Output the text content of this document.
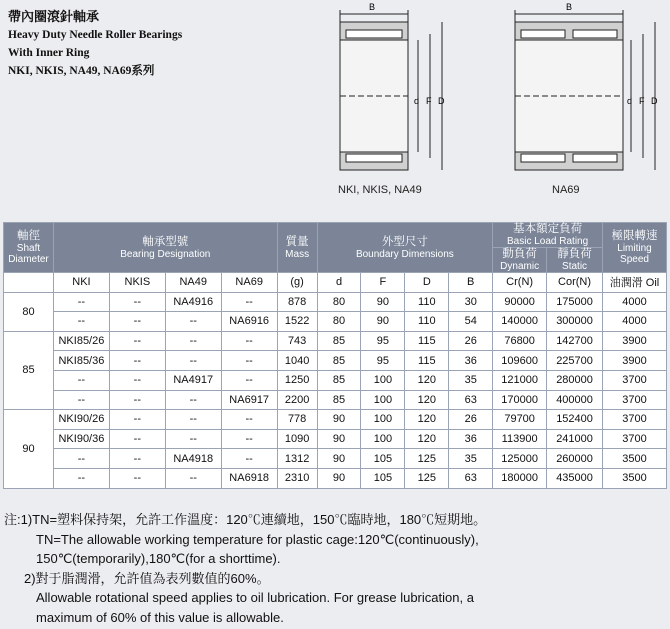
帶內圈滾針軸承
Heavy Duty Needle Roller Bearings
With Inner Ring
NKI, NKIS, NA49, NA69系列
B
d F D
NKI, NKIS, NA49
B
d F D
NA69
軸徑
Shaft
Diameter	軸承型號
Bearing Designation				質量
Mass	外型尺寸
Boundary Dimensions				基本額定負荷
Basic Load Rating		極限轉速
Limiting
Speed

										動負荷
Dynamic	靜負荷
Static	

	NKI	NKIS	NA49	NA69	(g)	d	F	D	B	Cr(N)	Cor(N)	油潤滑 Oil
80	--	--	NA4916	--	878	80	90	110	30	90000	175000	4000
	--	--	--	NA6916	1522	80	90	110	54	140000	300000	4000
85	NKI85/26	--	--	--	743	85	95	115	26	76800	142700	3900
	NKI85/36	--	--	--	1040	85	95	115	36	109600	225700	3900
	--	--	NA4917	--	1250	85	100	120	35	121000	280000	3700
	--	--	--	NA6917	2200	85	100	120	63	170000	400000	3700
90	NKI90/26	--	--	--	778	90	100	120	26	79700	152400	3700
	NKI90/36	--	--	--	1090	90	100	120	36	113900	241000	3700
	--	--	NA4918	--	1312	90	105	125	35	125000	260000	3500
	--	--	--	NA6918	2310	90	105	125	63	180000	435000	3500
注:1)TN=塑料保持架，允許工作溫度：120℃連續地，150℃臨時地，180℃短期地。
TN=The allowable working temperature for plastic cage:120℃(continuously),
150℃(temporarily),180℃(for a shorttime).
2)對于脂潤滑，允許值為表列數值的60%。
Allowable rotational speed applies to oil lubrication. For grease lubrication, a
maximum of 60% of this value is allowable.
